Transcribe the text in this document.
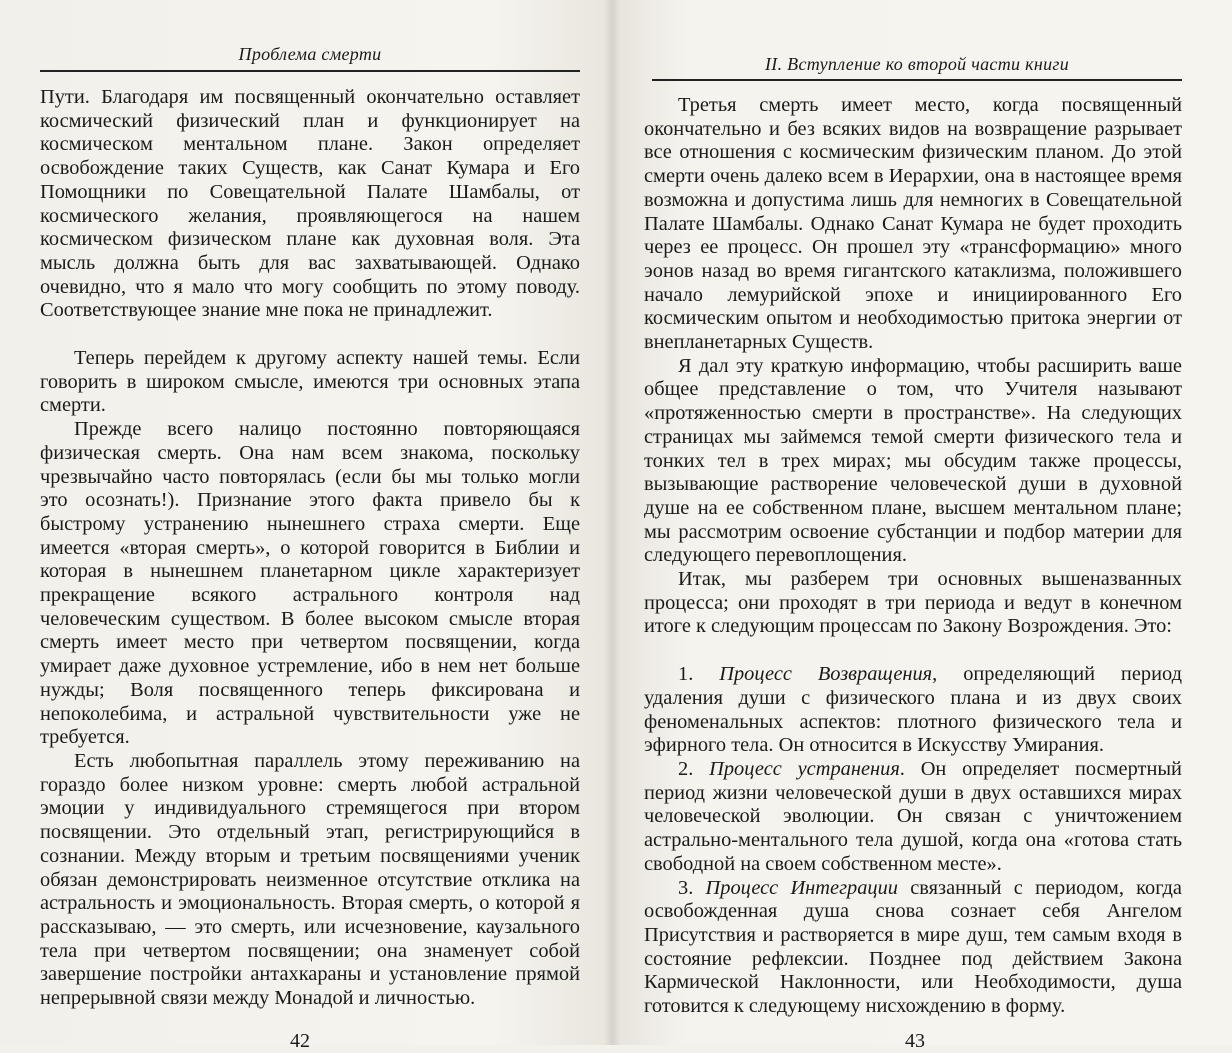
Проблема смерти

Пути. Благодаря им посвященный окончательно оставляет космический физический план и функционирует на космическом ментальном плане. Закон определяет освобождение таких Существ, как Санат Кумара и Его Помощники по Совещательной Палате Шамбалы, от космического желания, проявляющегося на нашем космическом физическом плане как духовная воля. Эта мысль должна быть для вас захватывающей. Однако очевидно, что я мало что могу сообщить по этому поводу. Соответствующее знание мне пока не принадлежит.

Теперь перейдем к другому аспекту нашей темы. Если говорить в широком смысле, имеются три основных этапа смерти.

Прежде всего налицо постоянно повторяющаяся физическая смерть. Она нам всем знакома, поскольку чрезвычайно часто повторялась (если бы мы только могли это осознать!). Признание этого факта привело бы к быстрому устранению нынешнего страха смерти. Еще имеется «вторая смерть», о которой говорится в Библии и которая в нынешнем планетарном цикле характеризует прекращение всякого астрального контроля над человеческим существом. В более высоком смысле вторая смерть имеет место при четвертом посвящении, когда умирает даже духовное устремление, ибо в нем нет больше нужды; Воля посвященного теперь фиксирована и непоколебима, и астральной чувствительности уже не требуется.

Есть любопытная параллель этому переживанию на гораздо более низком уровне: смерть любой астральной эмоции у индивидуального стремящегося при втором посвящении. Это отдельный этап, регистрирующийся в сознании. Между вторым и третьим посвящениями ученик обязан демонстрировать неизменное отсутствие отклика на астральность и эмоциональность. Вторая смерть, о которой я рассказываю, — это смерть, или исчезновение, каузального тела при четвертом посвящении; она знаменует собой завершение постройки антахкараны и установление прямой непрерывной связи между Монадой и личностью.

42
II. Вступление ко второй части книги

Третья смерть имеет место, когда посвященный окончательно и без всяких видов на возвращение разрывает все отношения с космическим физическим планом. До этой смерти очень далеко всем в Иерархии, она в настоящее время возможна и допустима лишь для немногих в Совещательной Палате Шамбалы. Однако Санат Кумара не будет проходить через ее процесс. Он прошел эту «трансформацию» много эонов назад во время гигантского катаклизма, положившего начало лемурийской эпохе и инициированного Его космическим опытом и необходимостью притока энергии от внепланетарных Существ.

Я дал эту краткую информацию, чтобы расширить ваше общее представление о том, что Учителя называют «протяженностью смерти в пространстве». На следующих страницах мы займемся темой смерти физического тела и тонких тел в трех мирах; мы обсудим также процессы, вызывающие растворение человеческой души в духовной душе на ее собственном плане, высшем ментальном плане; мы рассмотрим освоение субстанции и подбор материи для следующего перевоплощения.

Итак, мы разберем три основных вышеназванных процесса; они проходят в три периода и ведут в конечном итоге к следующим процессам по Закону Возрождения. Это:

1. Процесс Возвращения, определяющий период удаления души с физического плана и из двух своих феноменальных аспектов: плотного физического тела и эфирного тела. Он относится в Искусству Умирания.

2. Процесс устранения. Он определяет посмертный период жизни человеческой души в двух оставшихся мирах человеческой эволюции. Он связан с уничтожением астрально-ментального тела душой, когда она «готова стать свободной на своем собственном месте».

3. Процесс Интеграции связанный с периодом, когда освобожденная душа снова сознает себя Ангелом Присутствия и растворяется в мире душ, тем самым входя в состояние рефлексии. Позднее под действием Закона Кармической Наклонности, или Необходимости, душа готовится к следующему нисхождению в форму.

43
